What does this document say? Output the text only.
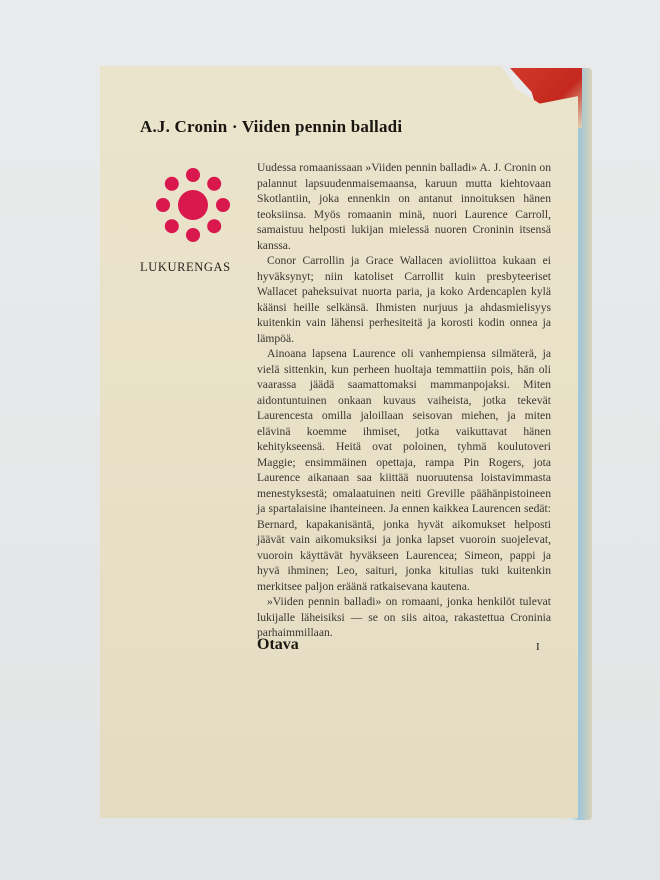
A.J. Cronin · Viiden pennin balladi
LUKURENGAS

Uudessa romaanissaan »Viiden pennin balladi» A. J. Cronin on palannut lapsuudenmaisemaansa, karuun mutta kiehtovaan Skotlantiin, joka ennenkin on antanut innoituksen hänen teoksiinsa. Myös romaanin minä, nuori Laurence Carroll, samaistuu helposti lukijan mielessä nuoren Croninin itsensä kanssa.

Conor Carrollin ja Grace Wallacen avioliittoa kukaan ei hyväksynyt; niin katoliset Carrollit kuin presbyteeriset Wallacet paheksuivat nuorta paria, ja koko Ardencaplen kylä käänsi heille selkänsä. Ihmisten nurjuus ja ahdasmielisyys kuitenkin vain lähensi perhesiteitä ja korosti kodin onnea ja lämpöä.

Ainoana lapsena Laurence oli vanhempiensa silmäterä, ja vielä sittenkin, kun perheen huoltaja temmattiin pois, hän oli vaarassa jäädä saamattomaksi mammanpojaksi. Miten aidontuntuinen onkaan kuvaus vaiheista, jotka tekevät Laurencesta omilla jaloillaan seisovan miehen, ja miten elävinä koemme ihmiset, jotka vaikuttavat hänen kehitykseensä. Heitä ovat poloinen, tyhmä koulutoveri Maggie; ensimmäinen opettaja, rampa Pin Rogers, jota Laurence aikanaan saa kiittää nuoruutensa loistavimmasta menestyksestä; omalaatuinen neiti Greville päähänpistoineen ja spartalaisine ihanteineen. Ja ennen kaikkea Laurencen sedät: Bernard, kapakanisäntä, jonka hyvät aikomukset helposti jäävät vain aikomuksiksi ja jonka lapset vuoroin suojelevat, vuoroin käyttävät hyväkseen Laurencea; Simeon, pappi ja hyvä ihminen; Leo, saituri, jonka kitulias tuki kuitenkin merkitsee paljon eräänä ratkaisevana kautena.

»Viiden pennin balladi» on romaani, jonka henkilöt tulevat lukijalle läheisiksi — se on siis aitoa, rakastettua Croninia parhaimmillaan.

Otava	I
